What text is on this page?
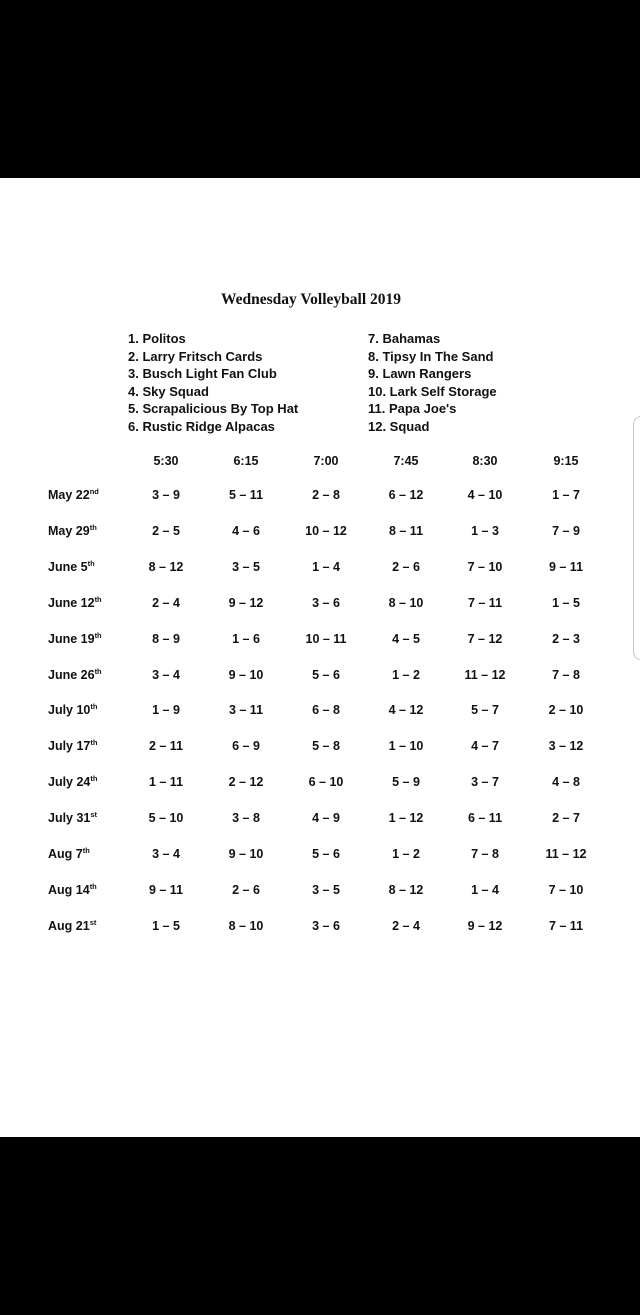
Wednesday Volleyball 2019
1. Politos
2. Larry Fritsch Cards
3. Busch Light Fan Club
4. Sky Squad
5. Scrapalicious By Top Hat
6. Rustic Ridge Alpacas
7. Bahamas
8. Tipsy In The Sand
9. Lawn Rangers
10. Lark Self Storage
11. Papa Joe's
12. Squad
5:30	6:15	7:00	7:45	8:30	9:15
May 22nd	3 – 9	5 – 11	2 – 8	6 – 12	4 – 10	1 – 7
May 29th	2 – 5	4 – 6	10 – 12	8 – 11	1 – 3	7 – 9
June 5th	8 – 12	3 – 5	1 – 4	2 – 6	7 – 10	9 – 11
June 12th	2 – 4	9 – 12	3 – 6	8 – 10	7 – 11	1 – 5
June 19th	8 – 9	1 – 6	10 – 11	4 – 5	7 – 12	2 – 3
June 26th	3 – 4	9 – 10	5 – 6	1 – 2	11 – 12	7 – 8
July 10th	1 – 9	3 – 11	6 – 8	4 – 12	5 – 7	2 – 10
July 17th	2 – 11	6 – 9	5 – 8	1 – 10	4 – 7	3 – 12
July 24th	1 – 11	2 – 12	6 – 10	5 – 9	3 – 7	4 – 8
July 31st	5 – 10	3 – 8	4 – 9	1 – 12	6 – 11	2 – 7
Aug 7th	3 – 4	9 – 10	5 – 6	1 – 2	7 – 8	11 – 12
Aug 14th	9 – 11	2 – 6	3 – 5	8 – 12	1 – 4	7 – 10
Aug 21st	1 – 5	8 – 10	3 – 6	2 – 4	9 – 12	7 – 11
